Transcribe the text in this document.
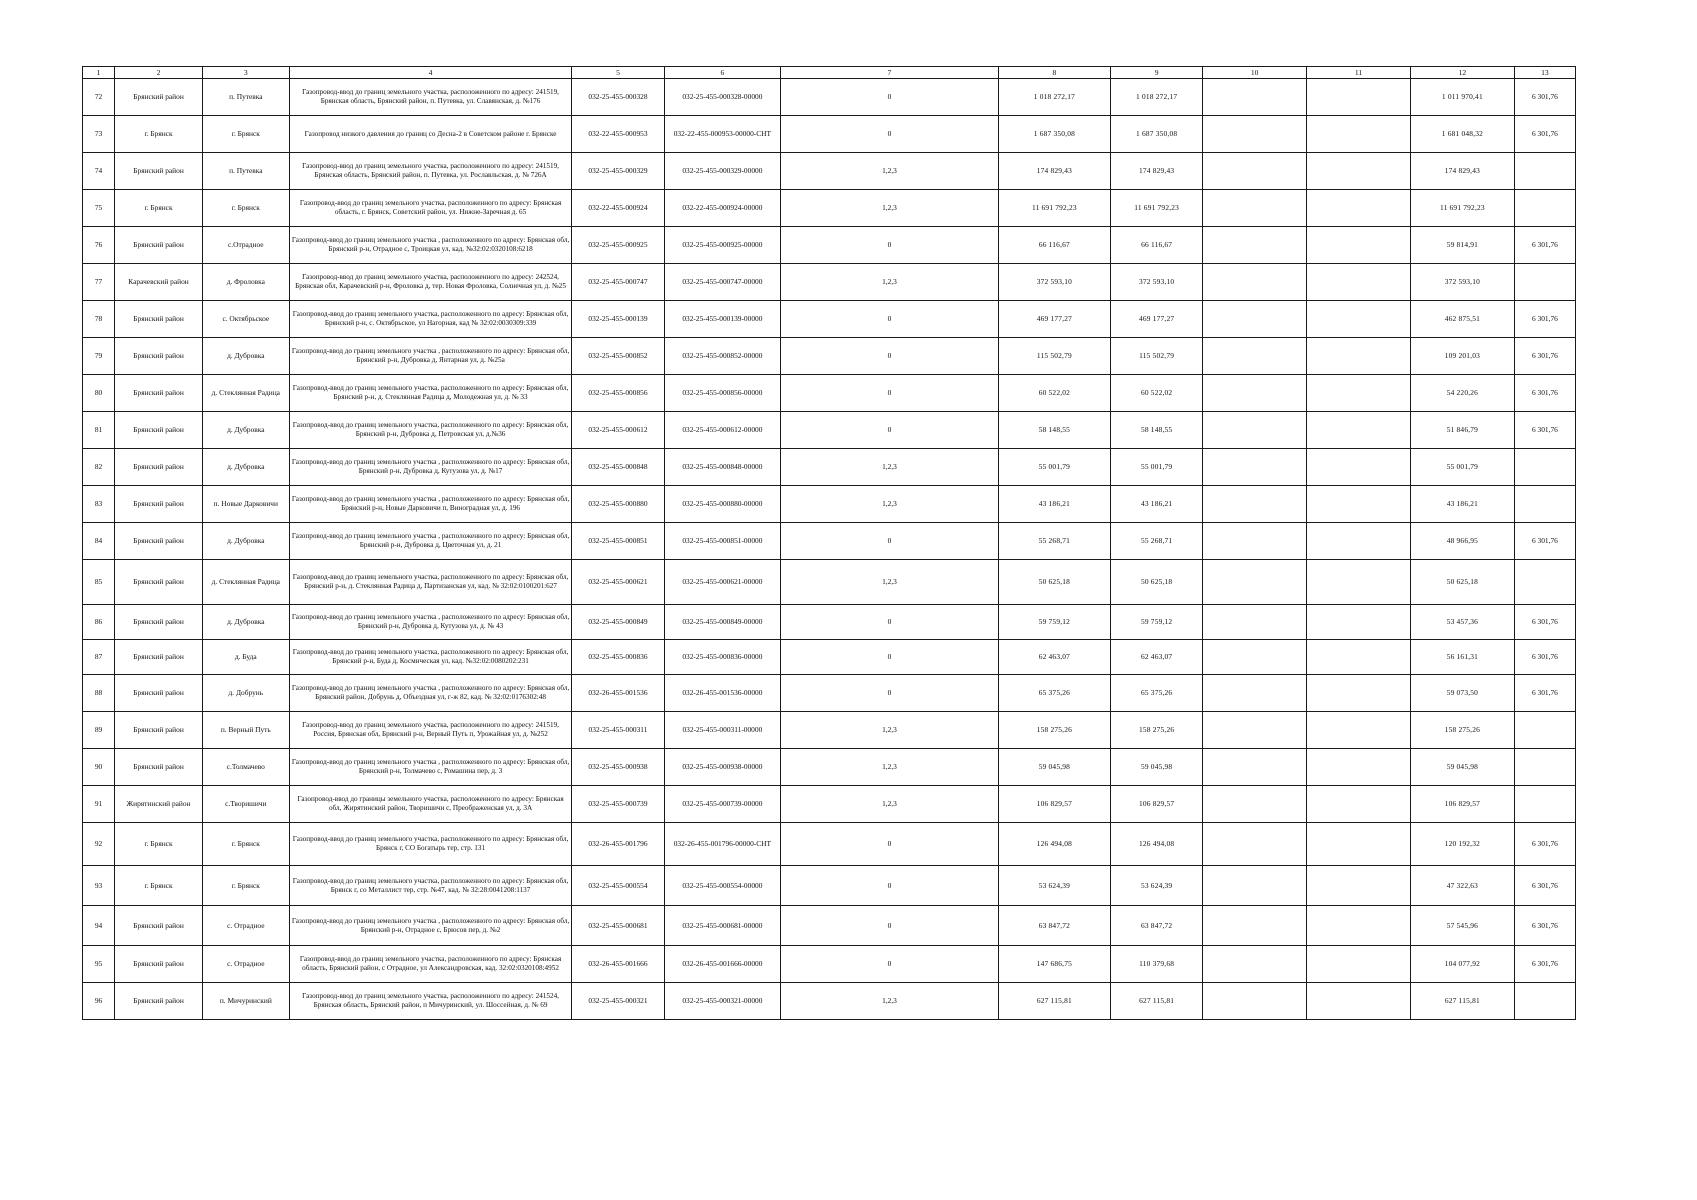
1	2	3	4	5	6	7	8	9	10	11	12	13
72	Брянский район	п. Путевка	Газопровод-ввод до границ земельного участка, расположенного по адресу: 241519, Брянская область, Брянский район, п. Путевка, ул. Славянская, д. №176	032-25-455-000328	032-25-455-000328-00000	0	1 018 272,17	1 018 272,17			1 011 970,41	6 301,76
73	г. Брянск	г. Брянск	Газопровод низкого давления до границ со Десна-2 в Советском районе г. Брянске	032-22-455-000953	032-22-455-000953-00000-СНТ	0	1 687 350,08	1 687 350,08			1 681 048,32	6 301,76
74	Брянский район	п. Путевка	Газопровод-ввод до границ земельного участка, расположенного по адресу: 241519, Брянская область, Брянский район, п. Путевка, ул. Рославльская, д. № 726А	032-25-455-000329	032-25-455-000329-00000	1,2,3	174 829,43	174 829,43			174 829,43	
75	г. Брянск	г. Брянск	Газопровод-ввод до границ земельного участка, расположенного по адресу: Брянская область, г. Брянск, Советский район, ул. Нижне-Заречная д. 65	032-22-455-000924	032-22-455-000924-00000	1,2,3	11 691 792,23	11 691 792,23			11 691 792,23	
76	Брянский район	с.Отрадное	Газопровод-ввод до границ земельного участка , расположенного по адресу: Брянская обл, Брянский р-н, Отрадное с, Троицкая ул, кад. №32:02:0320108:6218	032-25-455-000925	032-25-455-000925-00000	0	66 116,67	66 116,67			59 814,91	6 301,76
77	Карачевский район	д. Фроловка	Газопровод-ввод до границ земельного участка, расположенного по адресу: 242524, Брянская обл, Карачевский р-н, Фроловка д, тер. Новая Фроловка, Солнечная ул, д. №25	032-25-455-000747	032-25-455-000747-00000	1,2,3	372 593,10	372 593,10			372 593,10	
78	Брянский район	с. Октябрьское	Газопровод-ввод до границ земельного участка, расположенного по адресу: Брянская обл, Брянский р-н, с. Октябрьское, ул Нагорная, кад № 32:02:0030309:339	032-25-455-000139	032-25-455-000139-00000	0	469 177,27	469 177,27			462 875,51	6 301,76
79	Брянский район	д. Дубровка	Газопровод-ввод до границ земельного участка , расположенного по адресу: Брянская обл, Брянский р-н, Дубровка д, Янтарная ул, д. №25а	032-25-455-000852	032-25-455-000852-00000	0	115 502,79	115 502,79			109 201,03	6 301,76
80	Брянский район	д. Стеклянная Радица	Газопровод-ввод до границ земельного участка, расположенного по адресу: Брянская обл, Брянский р-н, д. Стеклянная Радица д, Молодежная ул, д. № 33	032-25-455-000856	032-25-455-000856-00000	0	60 522,02	60 522,02			54 220,26	6 301,76
81	Брянский район	д. Дубровка	Газопровод-ввод до границ земельного участка, расположенного по адресу: Брянская обл, Брянский р-н, Дубровка д, Петровская ул, д.№36	032-25-455-000612	032-25-455-000612-00000	0	58 148,55	58 148,55			51 846,79	6 301,76
82	Брянский район	д. Дубровка	Газопровод-ввод до границ земельного участка , расположенного по адресу: Брянская обл, Брянский р-н, Дубровка д, Кутузова ул, д. №17	032-25-455-000848	032-25-455-000848-00000	1,2,3	55 001,79	55 001,79			55 001,79	
83	Брянский район	п. Новые Дарковичи	Газопровод-ввод до границ земельного участка , расположенного по адресу: Брянская обл, Брянский р-н, Новые Дарковичи п, Виноградная ул, д. 196	032-25-455-000880	032-25-455-000880-00000	1,2,3	43 186,21	43 186,21			43 186,21	
84	Брянский район	д. Дубровка	Газопровод-ввод до границ земельного участка , расположенного по адресу: Брянская обл, Брянский р-н, Дубровка д, Цветочная ул, д. 21	032-25-455-000851	032-25-455-000851-00000	0	55 268,71	55 268,71			48 966,95	6 301,76
85	Брянский район	д. Стеклянная Радица	Газопровод-ввод до границ земельного участка, расположенного по адресу: Брянская обл, Брянский р-н, д. Стеклянная Радица д, Партизанская ул, кад. № 32:02:0100201:627	032-25-455-000621	032-25-455-000621-00000	1,2,3	50 625,18	50 625,18			50 625,18	
86	Брянский район	д. Дубровка	Газопровод-ввод до границ земельного участка , расположенного по адресу: Брянская обл, Брянский р-н, Дубровка д, Кутузова ул, д. № 43	032-25-455-000849	032-25-455-000849-00000	0	59 759,12	59 759,12			53 457,36	6 301,76
87	Брянский район	д. Буда	Газопровод-ввод до границ земельного участка, расположенного по адресу: Брянская обл, Брянский р-н, Буда д, Космическая ул, кад. №32:02:0080202:231	032-25-455-000836	032-25-455-000836-00000	0	62 463,07	62 463,07			56 161,31	6 301,76
88	Брянский район	д. Добрунь	Газопровод-ввод до границ земельного участка , расположенного по адресу: Брянская обл, Брянский район, Добрунь д, Объездная ул, г-ж 82, кад. № 32:02:0176302:48	032-26-455-001536	032-26-455-001536-00000	0	65 375,26	65 375,26			59 073,50	6 301,76
89	Брянский район	п. Верный Путь	Газопровод-ввод до границ земельного участка, расположенного по адресу: 241519, Россия, Брянская обл, Брянский р-н, Верный Путь п, Урожайная ул, д. №252	032-25-455-000311	032-25-455-000311-00000	1,2,3	158 275,26	158 275,26			158 275,26	
90	Брянский район	с.Толмачево	Газопровод-ввод до границ земельного участка , расположенного по адресу: Брянская обл, Брянский р-н, Толмачево с, Ромашина пер, д. 3	032-25-455-000938	032-25-455-000938-00000	1,2,3	59 045,98	59 045,98			59 045,98	
91	Жирятинский район	с.Творишичи	Газопровод-ввод до границы земельного участка, расположенного по адресу: Брянская обл, Жирятинский район, Творишичи с, Преображенская ул, д. 3А	032-25-455-000739	032-25-455-000739-00000	1,2,3	106 829,57	106 829,57			106 829,57	
92	г. Брянск	г. Брянск	Газопровод-ввод до границ земельного участка, расположенного по адресу: Брянская обл, Брянск г, СО Богатырь тер, стр. 131	032-26-455-001796	032-26-455-001796-00000-СНТ	0	126 494,08	126 494,08			120 192,32	6 301,76
93	г. Брянск	г. Брянск	Газопровод-ввод до границ земельного участка, расположенного по адресу: Брянская обл, Брянск г, со Металлист тер, стр. №47, кад. № 32:28:0041208:1137	032-25-455-000554	032-25-455-000554-00000	0	53 624,39	53 624,39			47 322,63	6 301,76
94	Брянский район	с. Отрадное	Газопровод-ввод до границ земельного участка , расположенного по адресу: Брянская обл, Брянский р-н, Отрадное с, Брюсов пер, д. №2	032-25-455-000681	032-25-455-000681-00000	0	63 847,72	63 847,72			57 545,96	6 301,76
95	Брянский район	с. Отрадное	Газопровод-ввод до границ земельного участка, расположенного по адресу: Брянская область, Брянский район, с Отрадное, ул Александровская, кад. 32:02:0320108:4952	032-26-455-001666	032-26-455-001666-00000	0	147 686,75	110 379,68			104 077,92	6 301,76
96	Брянский район	п. Мичуринский	Газопровод-ввод до границ земельного участка, расположенного по адресу: 241524, Брянская область, Брянский район, п Мичуринский, ул. Шоссейная, д. № 69	032-25-455-000321	032-25-455-000321-00000	1,2,3	627 115,81	627 115,81			627 115,81	
